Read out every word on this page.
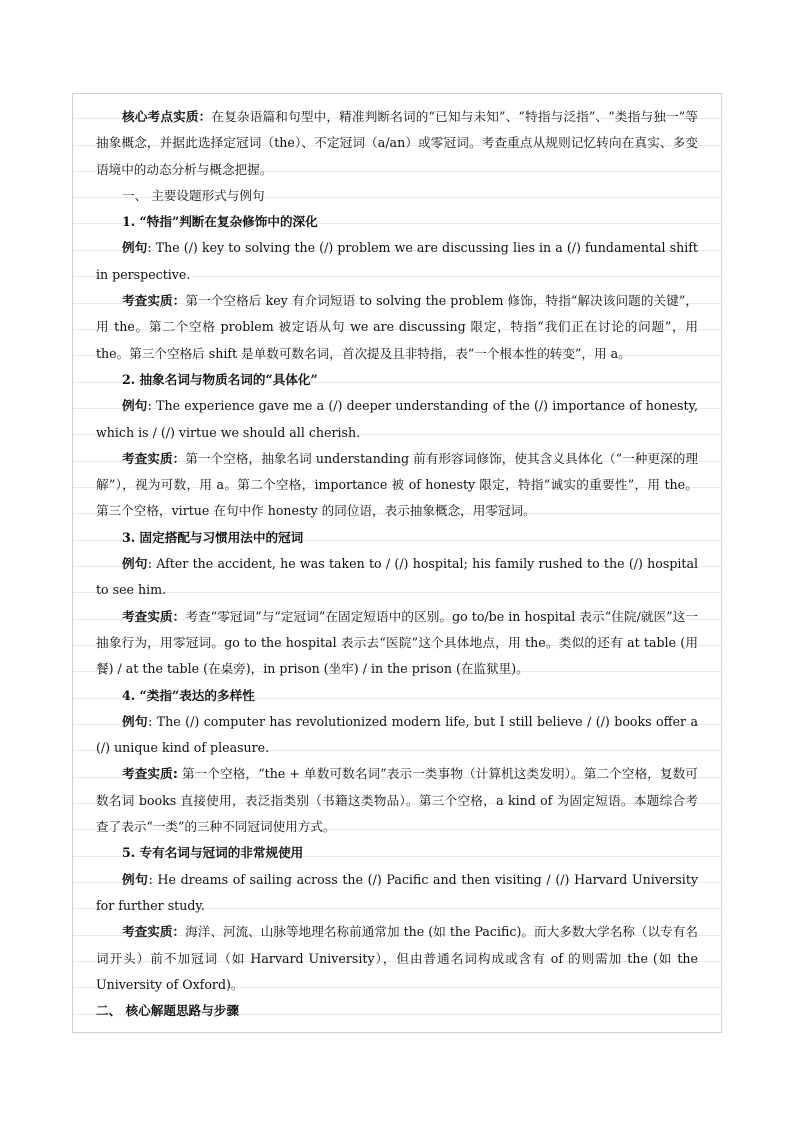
核心考点实质：在复杂语篇和句型中，精准判断名词的“已知与未知”、“特指与泛指”、“类指与独一”等抽象概念，并据此选择定冠词（the）、不定冠词（a/an）或零冠词。考查重点从规则记忆转向在真实、多变语境中的动态分析与概念把握。

一、 主要设题形式与例句

1. “特指”判断在复杂修饰中的深化

例句: The (/) key to solving the (/) problem we are discussing lies in a (/) fundamental shift in perspective.

考查实质：第一个空格后 key 有介词短语 to solving the problem 修饰，特指“解决该问题的关键”，用 the。第二个空格 problem 被定语从句 we are discussing 限定，特指“我们正在讨论的问题”，用 the。第三个空格后 shift 是单数可数名词，首次提及且非特指，表“一个根本性的转变”，用 a。

2. 抽象名词与物质名词的“具体化”

例句: The experience gave me a (/) deeper understanding of the (/) importance of honesty, which is / (/) virtue we should all cherish.

考查实质：第一个空格，抽象名词 understanding 前有形容词修饰，使其含义具体化（“一种更深的理解”），视为可数，用 a。第二个空格，importance 被 of honesty 限定，特指“诚实的重要性”，用 the。第三个空格，virtue 在句中作 honesty 的同位语，表示抽象概念，用零冠词。

3. 固定搭配与习惯用法中的冠词

例句: After the accident, he was taken to / (/) hospital; his family rushed to the (/) hospital to see him.

考查实质：考查“零冠词”与“定冠词”在固定短语中的区别。go to/be in hospital 表示“住院/就医”这一抽象行为，用零冠词。go to the hospital 表示去“医院”这个具体地点，用 the。类似的还有 at table (用餐) / at the table (在桌旁)，in prison (坐牢) / in the prison (在监狱里)。

4. “类指”表达的多样性

例句: The (/) computer has revolutionized modern life, but I still believe / (/) books offer a (/) unique kind of pleasure.

考查实质: 第一个空格，“the + 单数可数名词”表示一类事物（计算机这类发明）。第二个空格，复数可数名词 books 直接使用，表泛指类别（书籍这类物品）。第三个空格，a kind of 为固定短语。本题综合考查了表示“一类”的三种不同冠词使用方式。

5. 专有名词与冠词的非常规使用

例句: He dreams of sailing across the (/) Pacific and then visiting / (/) Harvard University for further study.

考查实质：海洋、河流、山脉等地理名称前通常加 the (如 the Pacific)。而大多数大学名称（以专有名词开头）前不加冠词（如 Harvard University），但由普通名词构成或含有 of 的则需加 the (如 the University of Oxford)。

二、 核心解题思路与步骤
